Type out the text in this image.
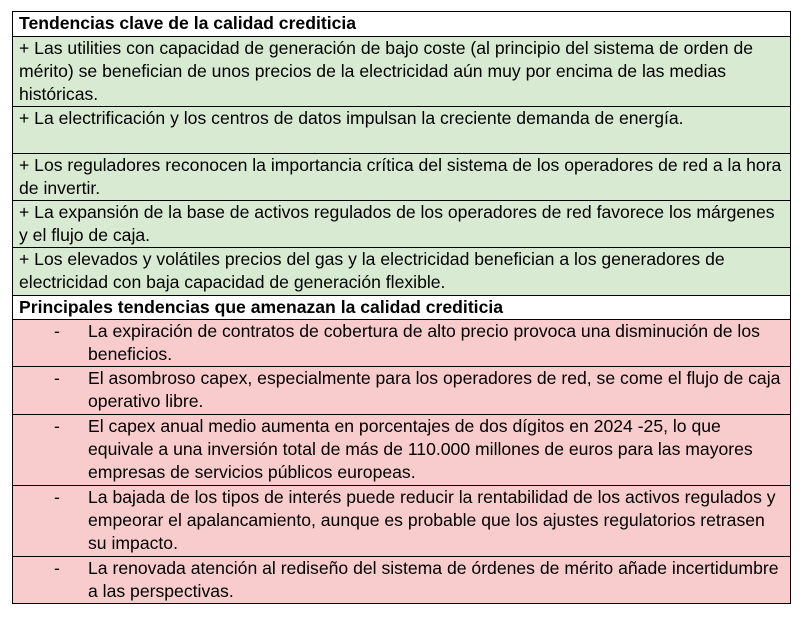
Tendencias clave de la calidad crediticia
+ Las utilities con capacidad de generación de bajo coste (al principio del sistema de orden de mérito) se benefician de unos precios de la electricidad aún muy por encima de las medias históricas.
+ La electrificación y los centros de datos impulsan la creciente demanda de energía.
+ Los reguladores reconocen la importancia crítica del sistema de los operadores de red a la hora de invertir.
+ La expansión de la base de activos regulados de los operadores de red favorece los márgenes y el flujo de caja.
+ Los elevados y volátiles precios del gas y la electricidad benefician a los generadores de electricidad con baja capacidad de generación flexible.
Principales tendencias que amenazan la calidad crediticia
-	La expiración de contratos de cobertura de alto precio provoca una disminución de los beneficios.
-	El asombroso capex, especialmente para los operadores de red, se come el flujo de caja operativo libre.
-	El capex anual medio aumenta en porcentajes de dos dígitos en 2024 -25, lo que equivale a una inversión total de más de 110.000 millones de euros para las mayores empresas de servicios públicos europeas.
-	La bajada de los tipos de interés puede reducir la rentabilidad de los activos regulados y empeorar el apalancamiento, aunque es probable que los ajustes regulatorios retrasen su impacto.
-	La renovada atención al rediseño del sistema de órdenes de mérito añade incertidumbre a las perspectivas.
